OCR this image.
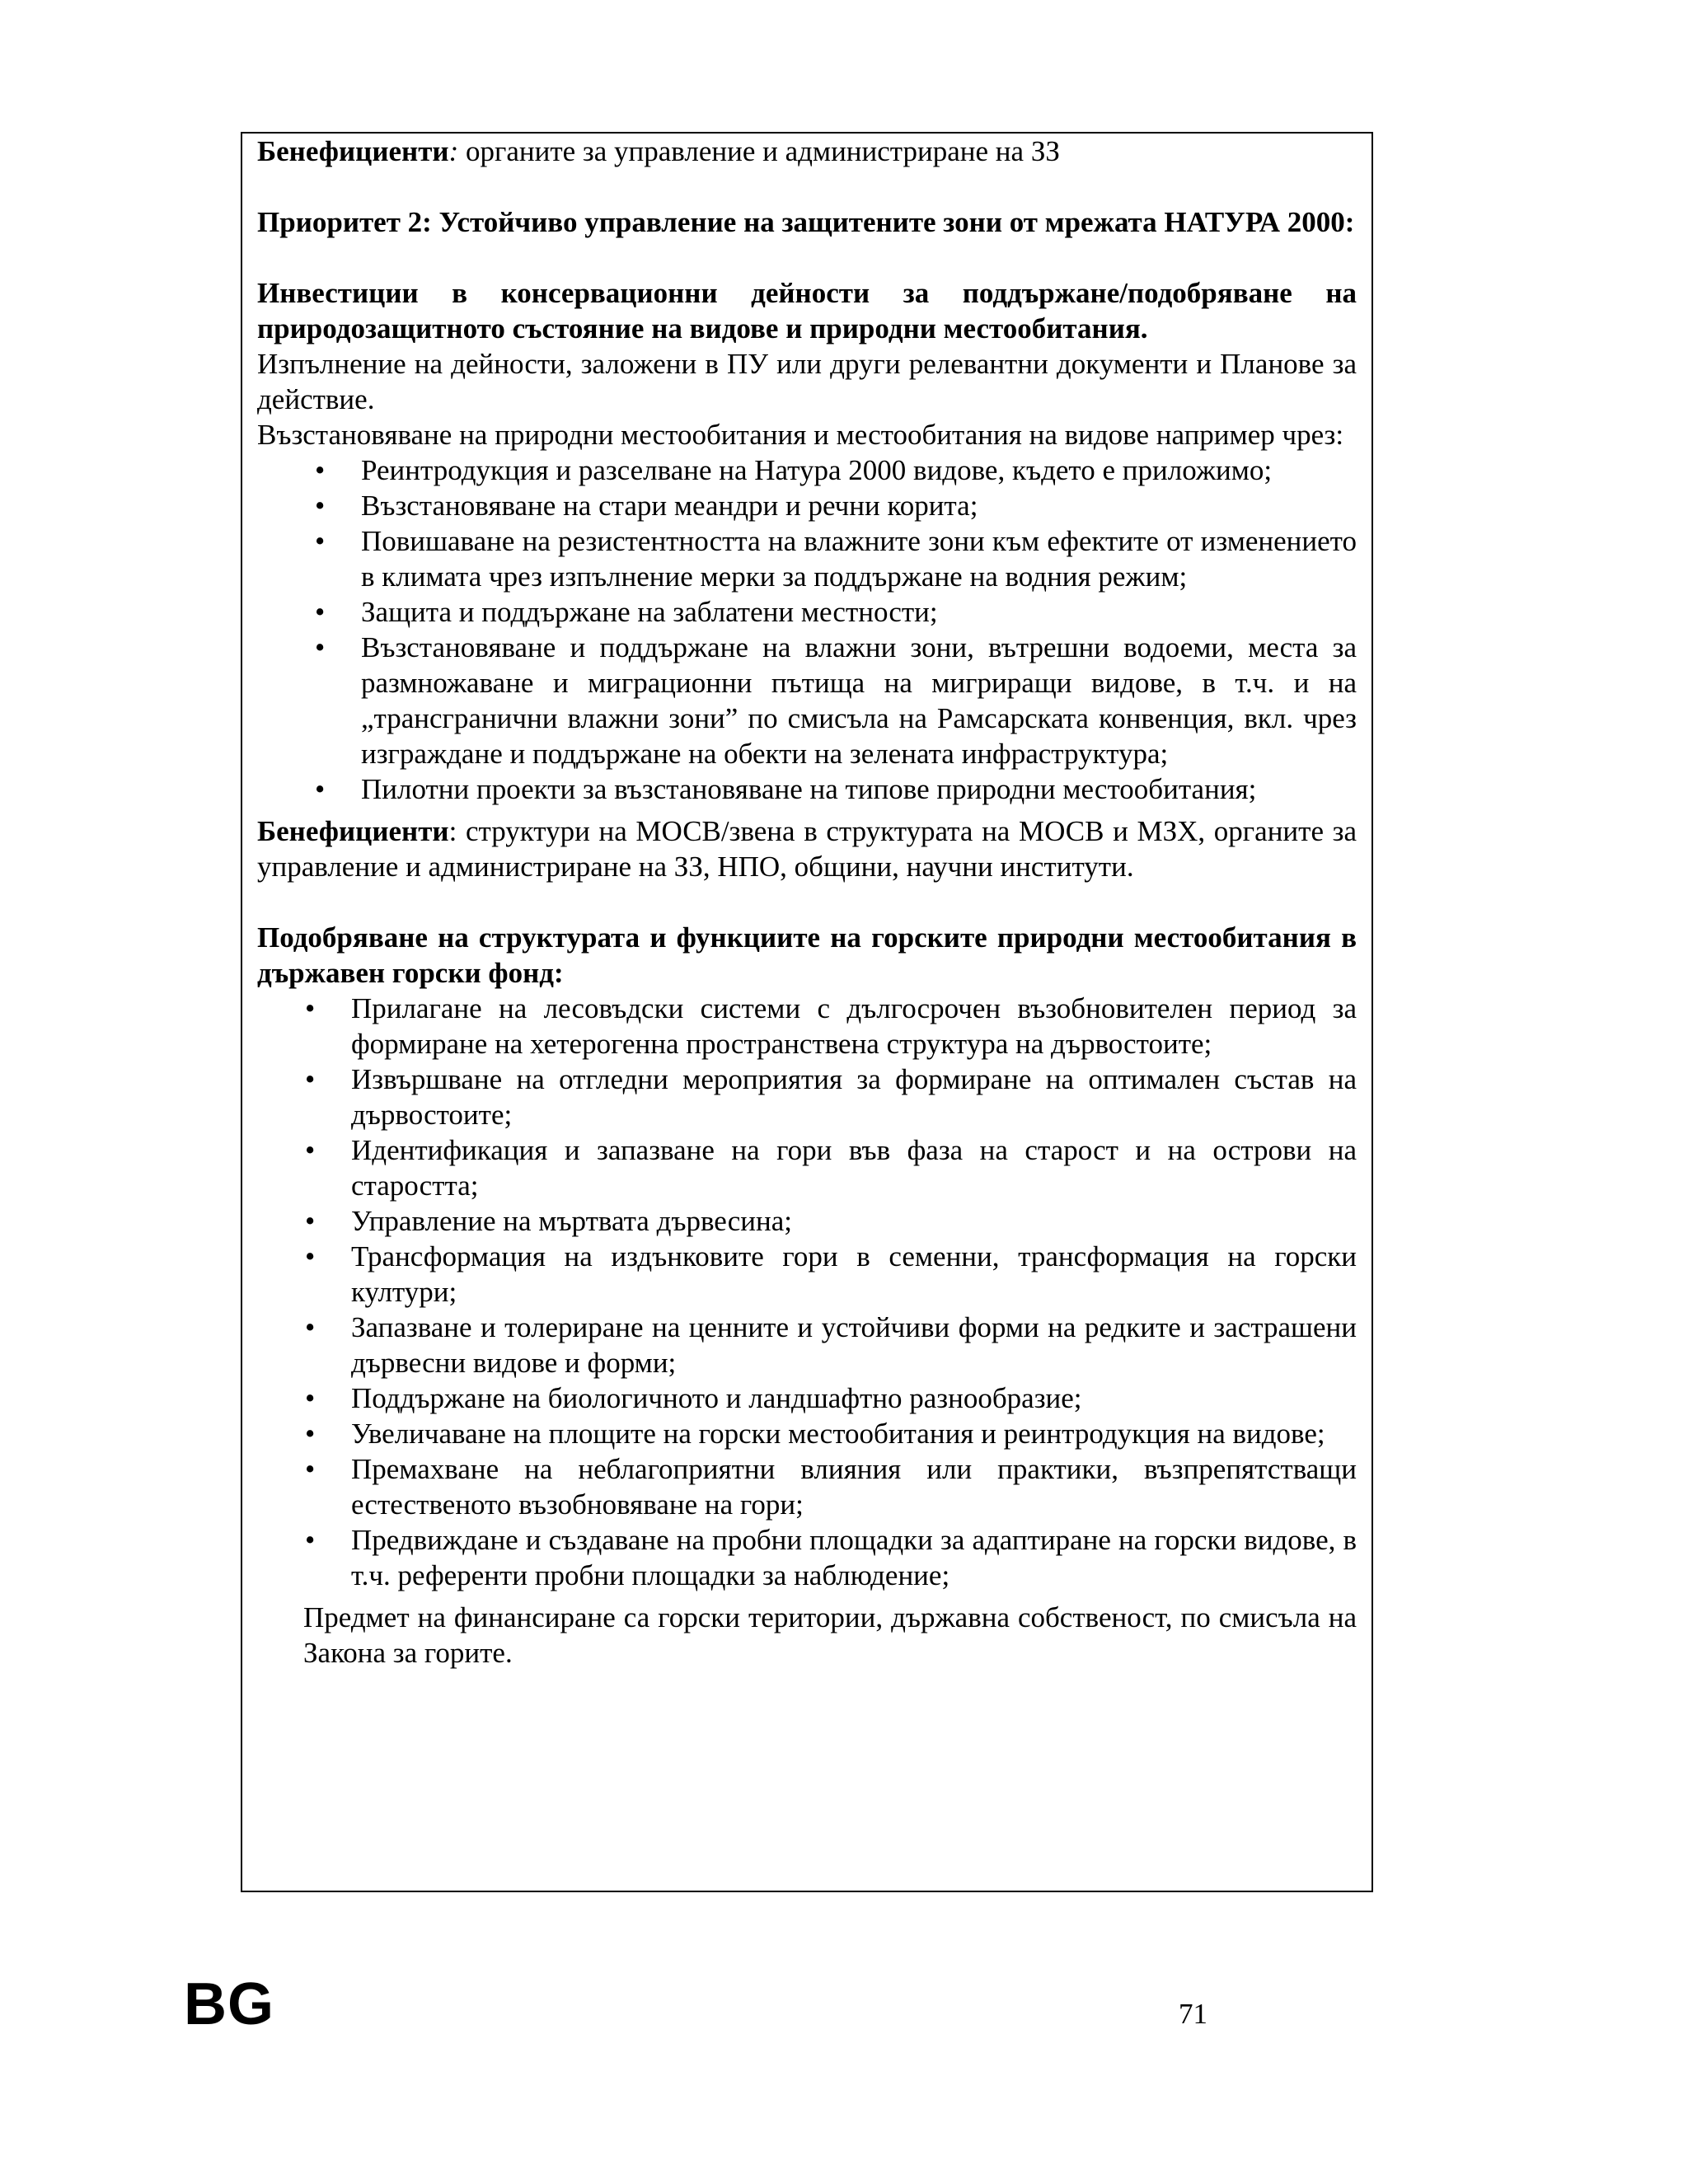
Бенефициенти: органите за управление и администриране на ЗЗ

Приоритет 2: Устойчиво управление на защитените зони от мрежата НАТУРА 2000:

Инвестиции в консервационни дейности за поддържане/подобряване на природозащитното състояние на видове и природни местообитания.

Изпълнение на дейности, заложени в ПУ или други релевантни документи и Планове за действие.

Възстановяване на природни местообитания и местообитания на видове например чрез:

• Реинтродукция и разселване на Натура 2000 видове, където е приложимо;
• Възстановяване на стари меандри и речни корита;
• Повишаване на резистентността на влажните зони към ефектите от изменението в климата чрез изпълнение мерки за поддържане на водния режим;
• Защита и поддържане на заблатени местности;
• Възстановяване и поддържане на влажни зони, вътрешни водоеми, места за размножаване и миграционни пътища на мигриращи видове, в т.ч. и на „трансгранични влажни зони” по смисъла на Рамсарската конвенция, вкл. чрез изграждане и поддържане на обекти на зелената инфраструктура;
• Пилотни проекти за възстановяване на типове природни местообитания;

Бенефициенти: структури на МОСВ/звена в структурата на МОСВ и МЗХ, органите за управление и администриране на ЗЗ, НПО, общини, научни институти.

Подобряване на структурата и функциите на горските природни местообитания в държавен горски фонд:

• Прилагане на лесовъдски системи с дългосрочен възобновителен период за формиране на хетерогенна пространствена структура на дървостоите;
• Извършване на отгледни мероприятия за формиране на оптимален състав на дървостоите;
• Идентификация и запазване на гори във фаза на старост и на острови на старостта;
• Управление на мъртвата дървесина;
• Трансформация на издънковите гори в семенни, трансформация на горски култури;
• Запазване и толериране на ценните и устойчиви форми на редките и застрашени дървесни видове и форми;
• Поддържане на биологичното и ландшафтно разнообразие;
• Увеличаване на площите на горски местообитания и реинтродукция на видове;
• Премахване на неблагоприятни влияния или практики, възпрепятстващи естественото възобновяване на гори;
• Предвиждане и създаване на пробни площадки за адаптиране на горски видове, в т.ч. референти пробни площадки за наблюдение;

Предмет на финансиране са горски територии, държавна собственост, по смисъла на Закона за горите.

BG	71
